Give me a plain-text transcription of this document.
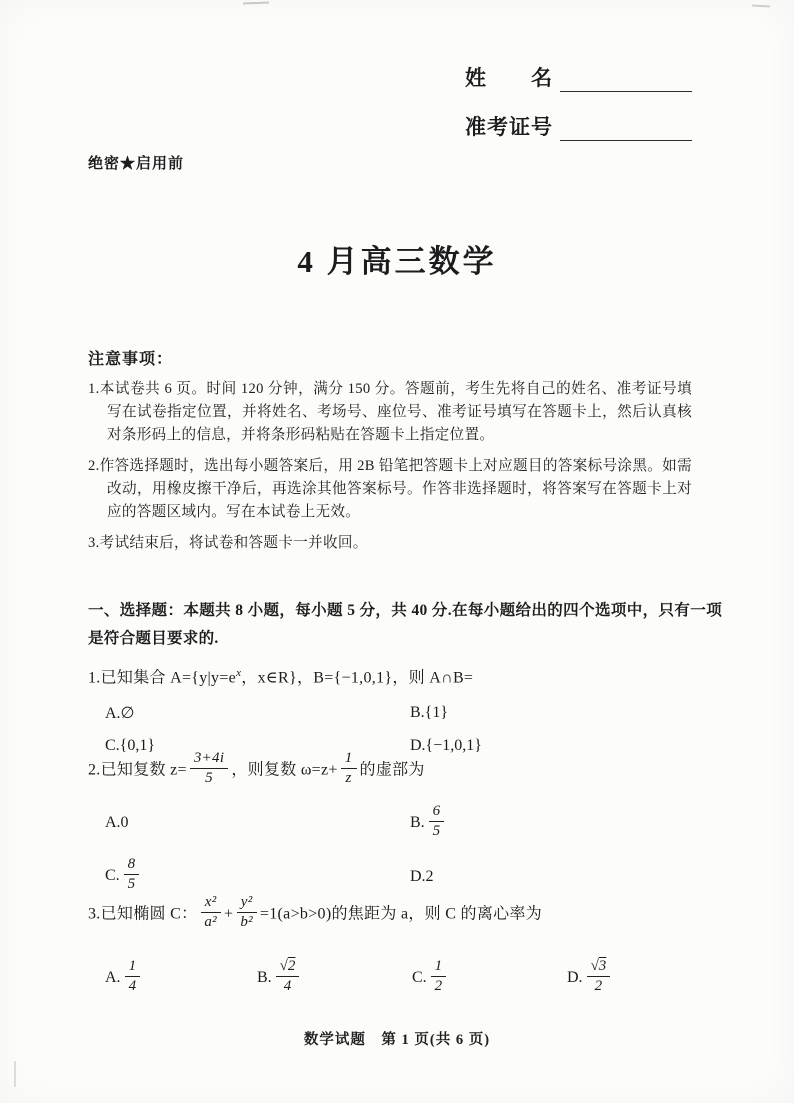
姓　　名
准考证号
绝密★启用前
4 月高三数学
注意事项：
1.本试卷共 6 页。时间 120 分钟，满分 150 分。答题前，考生先将自己的姓名、准考证号填写在试卷指定位置，并将姓名、考场号、座位号、准考证号填写在答题卡上，然后认真核对条形码上的信息，并将条形码粘贴在答题卡上指定位置。
2.作答选择题时，选出每小题答案后，用 2B 铅笔把答题卡上对应题目的答案标号涂黑。如需改动，用橡皮擦干净后，再选涂其他答案标号。作答非选择题时，将答案写在答题卡上对应的答题区域内。写在本试卷上无效。
3.考试结束后，将试卷和答题卡一并收回。
一、选择题：本题共 8 小题，每小题 5 分，共 40 分.在每小题给出的四个选项中，只有一项是符合题目要求的.
1.已知集合 $A=\{y|y=e^x$，x∈R}，B={−1,0,1}，则 A∩B=
A.∅	B.{1}
C.{0,1}	D.{−1,0,1}
2.已知复数 $z= \frac{3+4i}{5}$ ，则复数 $\omega=z+ \frac{1}{z}$ 的虚部为
A.0	B. $\frac{6}{5}$
C. $\frac{8}{5}$	D.2
3.已知椭圆 C： $\frac{\text{x²}}{\text{a²}} + \frac{\text{y²}}{\text{b²}} =1(a>b>0)$的焦距为 a，则 C 的离心率为
A. $\frac{1}{4}$	B. $\frac{√2}{4}$	C. $\frac{1}{2}$	D. $\frac{√3}{2}$
数学试题　第 1 页(共 6 页)
